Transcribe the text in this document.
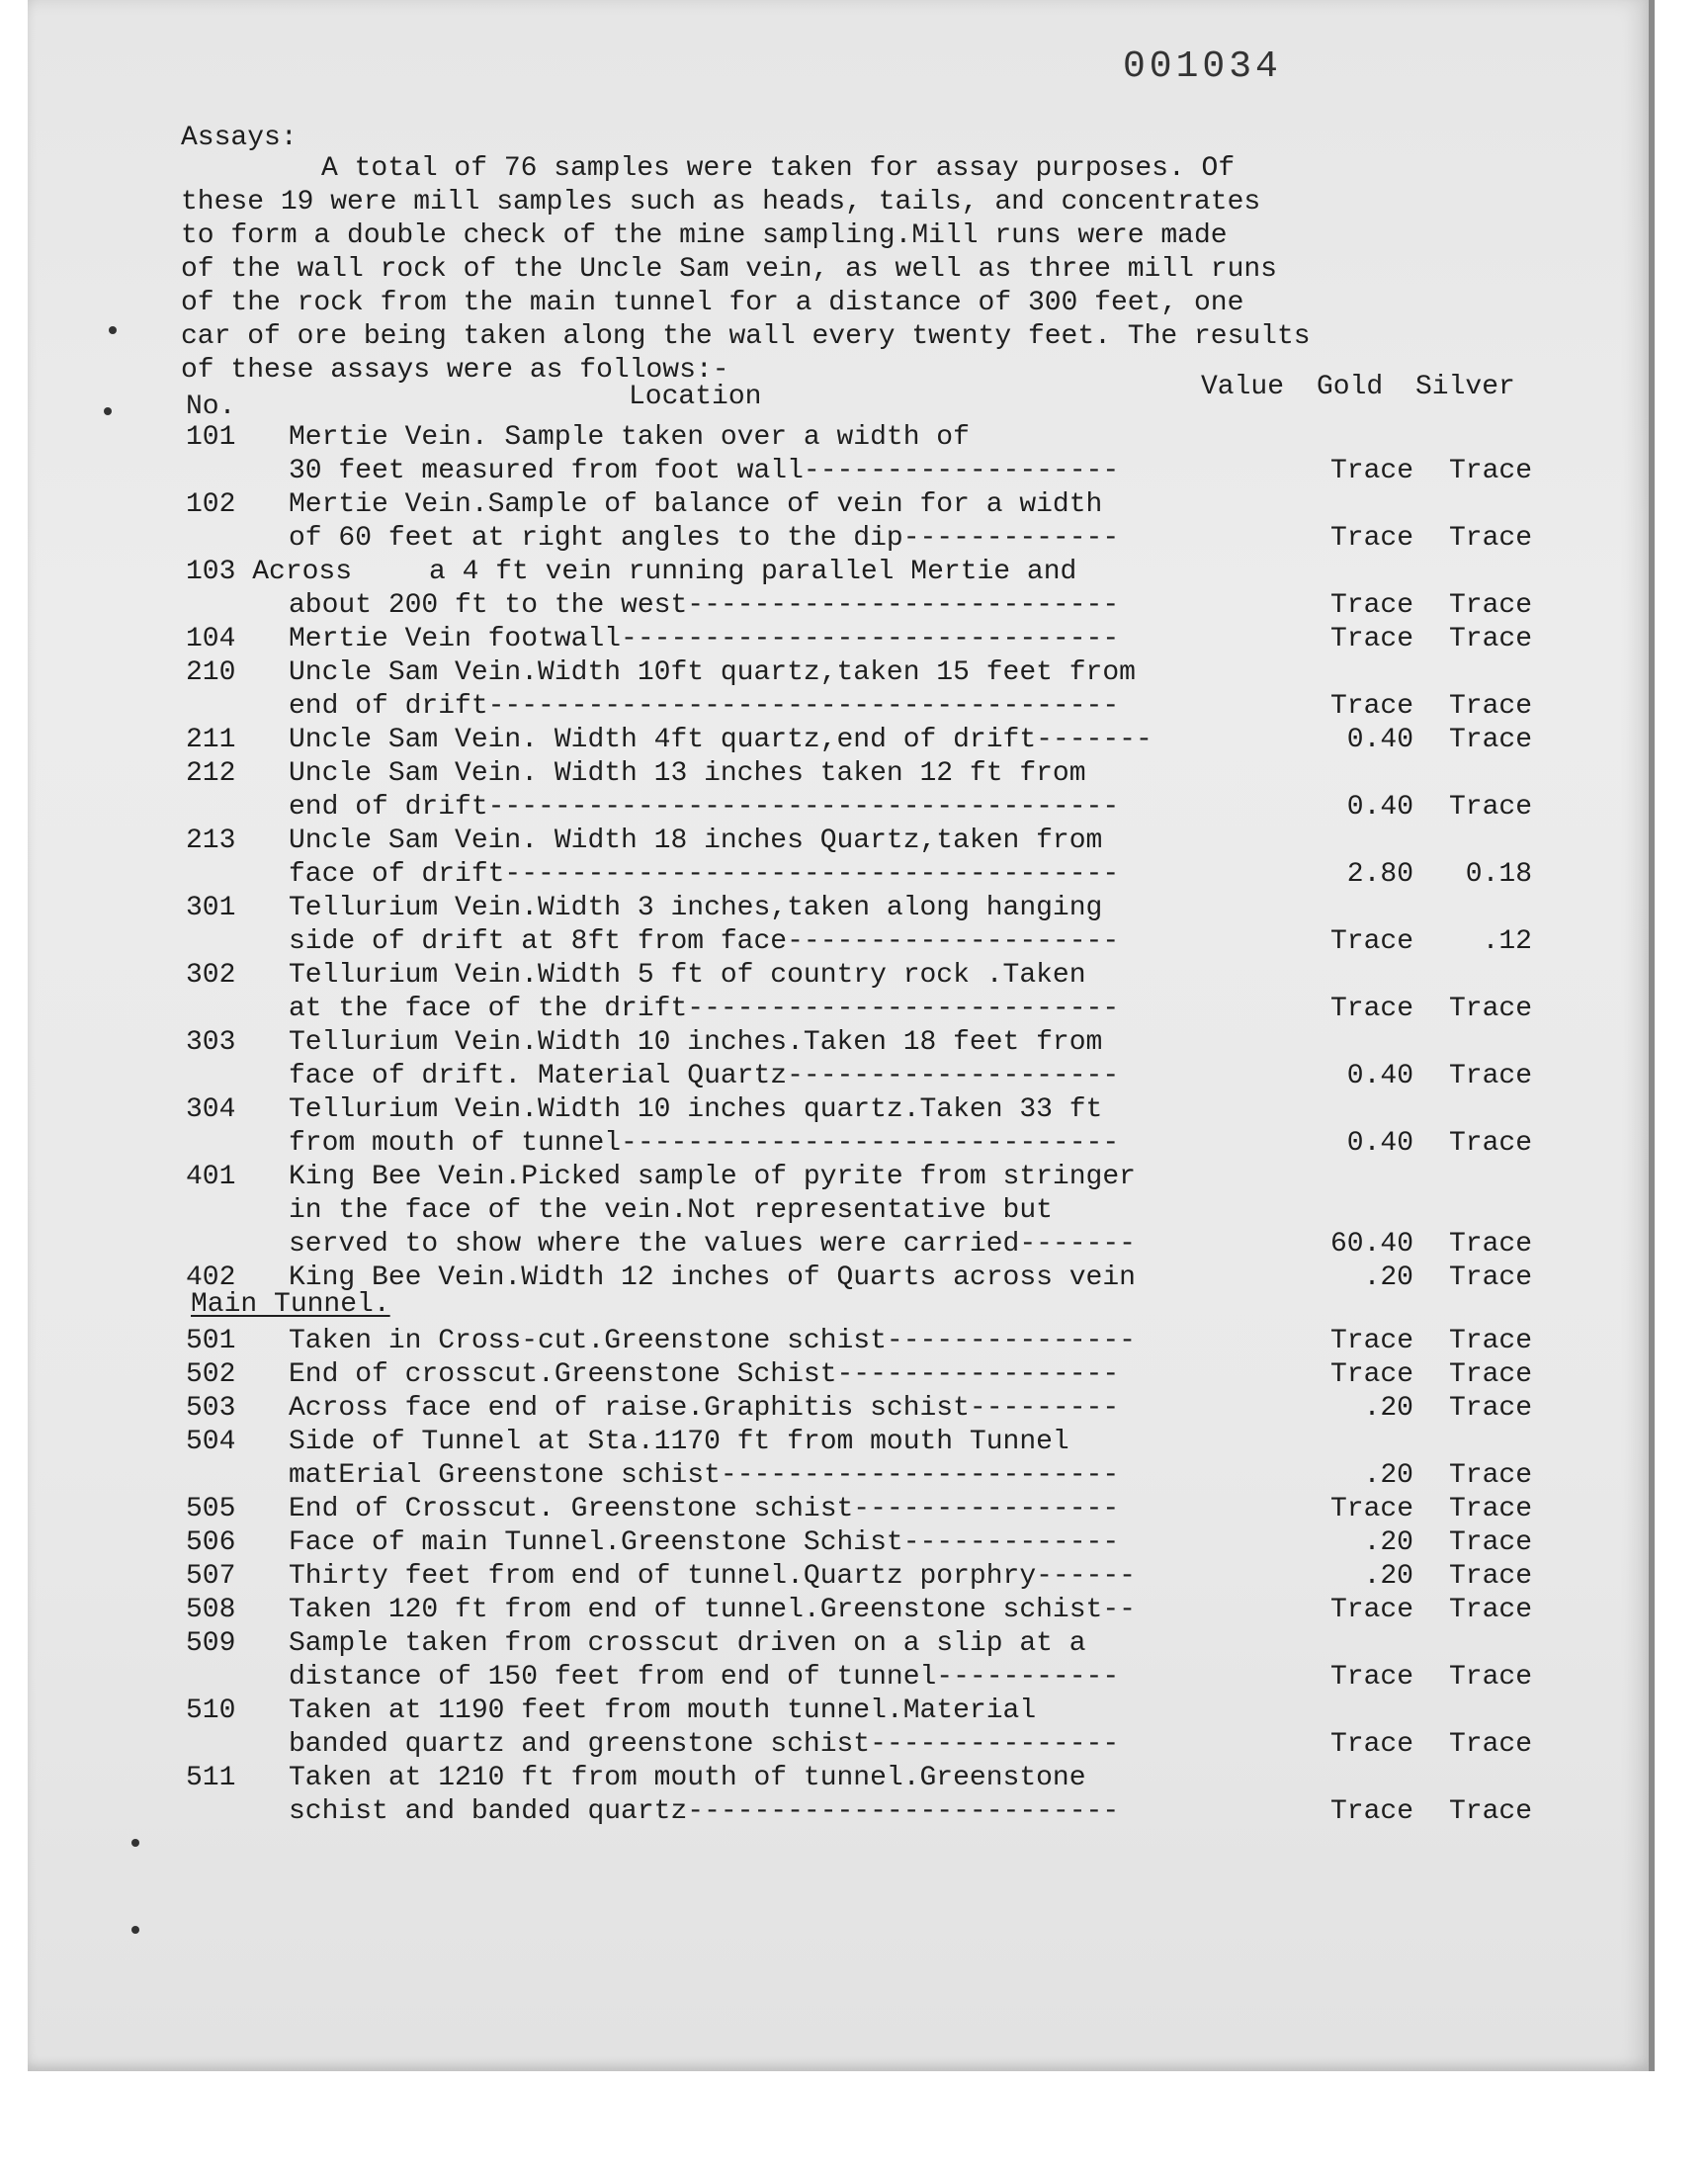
001034
Assays:
A total of 76 samples were taken for assay purposes. Of
these 19 were mill samples such as heads, tails, and concentrates
to form a double check of the mine sampling.Mill runs were made
of the wall rock of the Uncle Sam vein, as well as three mill runs
of the rock from the main tunnel for a distance of 300 feet, one
car of ore being taken along the wall every twenty feet. The results
of these assays were as follows:-
Value Gold Silver
Location
No.
101 Mertie Vein. Sample taken over a width of
30 feet measured from foot wall-------------------	Trace	Trace
102 Mertie Vein.Sample of balance of vein for a width
of 60 feet at right angles to the dip-------------	Trace	Trace
103 Across	a 4 ft vein running parallel Mertie and
about 200 ft to the west--------------------------	Trace	Trace
104 Mertie Vein footwall------------------------------	Trace	Trace
210 Uncle Sam Vein.Width 10ft quartz,taken 15 feet from
end of drift--------------------------------------	Trace	Trace
211 Uncle Sam Vein. Width 4ft quartz,end of drift-------	0.40	Trace
212 Uncle Sam Vein. Width 13 inches taken 12 ft from
end of drift--------------------------------------	0.40	Trace
213 Uncle Sam Vein. Width 18 inches Quartz,taken from
face of drift-------------------------------------	2.80	0.18
301 Tellurium Vein.Width 3 inches,taken along hanging
side of drift at 8ft from face--------------------	Trace	.12
302 Tellurium Vein.Width 5 ft of country rock .Taken
at the face of the drift--------------------------	Trace	Trace
303 Tellurium Vein.Width 10 inches.Taken 18 feet from
face of drift. Material Quartz--------------------	0.40	Trace
304 Tellurium Vein.Width 10 inches quartz.Taken 33 ft
from mouth of tunnel------------------------------	0.40	Trace
401 King Bee Vein.Picked sample of pyrite from stringer
in the face of the vein.Not representative but
served to show where the values were carried-------	60.40	Trace
402 King Bee Vein.Width 12 inches of Quarts across vein	.20	Trace
Main Tunnel.
501 Taken in Cross-cut.Greenstone schist---------------	Trace	Trace
502 End of crosscut.Greenstone Schist-----------------	Trace	Trace
503 Across face end of raise.Graphitis schist---------	.20	Trace
504 Side of Tunnel at Sta.1170 ft from mouth Tunnel
matErial Greenstone schist------------------------	.20	Trace
505 End of Crosscut. Greenstone schist----------------	Trace	Trace
506 Face of main Tunnel.Greenstone Schist-------------	.20	Trace
507 Thirty feet from end of tunnel.Quartz porphry------	.20	Trace
508 Taken 120 ft from end of tunnel.Greenstone schist--	Trace	Trace
509 Sample taken from crosscut driven on a slip at a
distance of 150 feet from end of tunnel-----------	Trace	Trace
510 Taken at 1190 feet from mouth tunnel.Material
banded quartz and greenstone schist---------------	Trace	Trace
511 Taken at 1210 ft from mouth of tunnel.Greenstone
schist and banded quartz--------------------------	Trace	Trace
